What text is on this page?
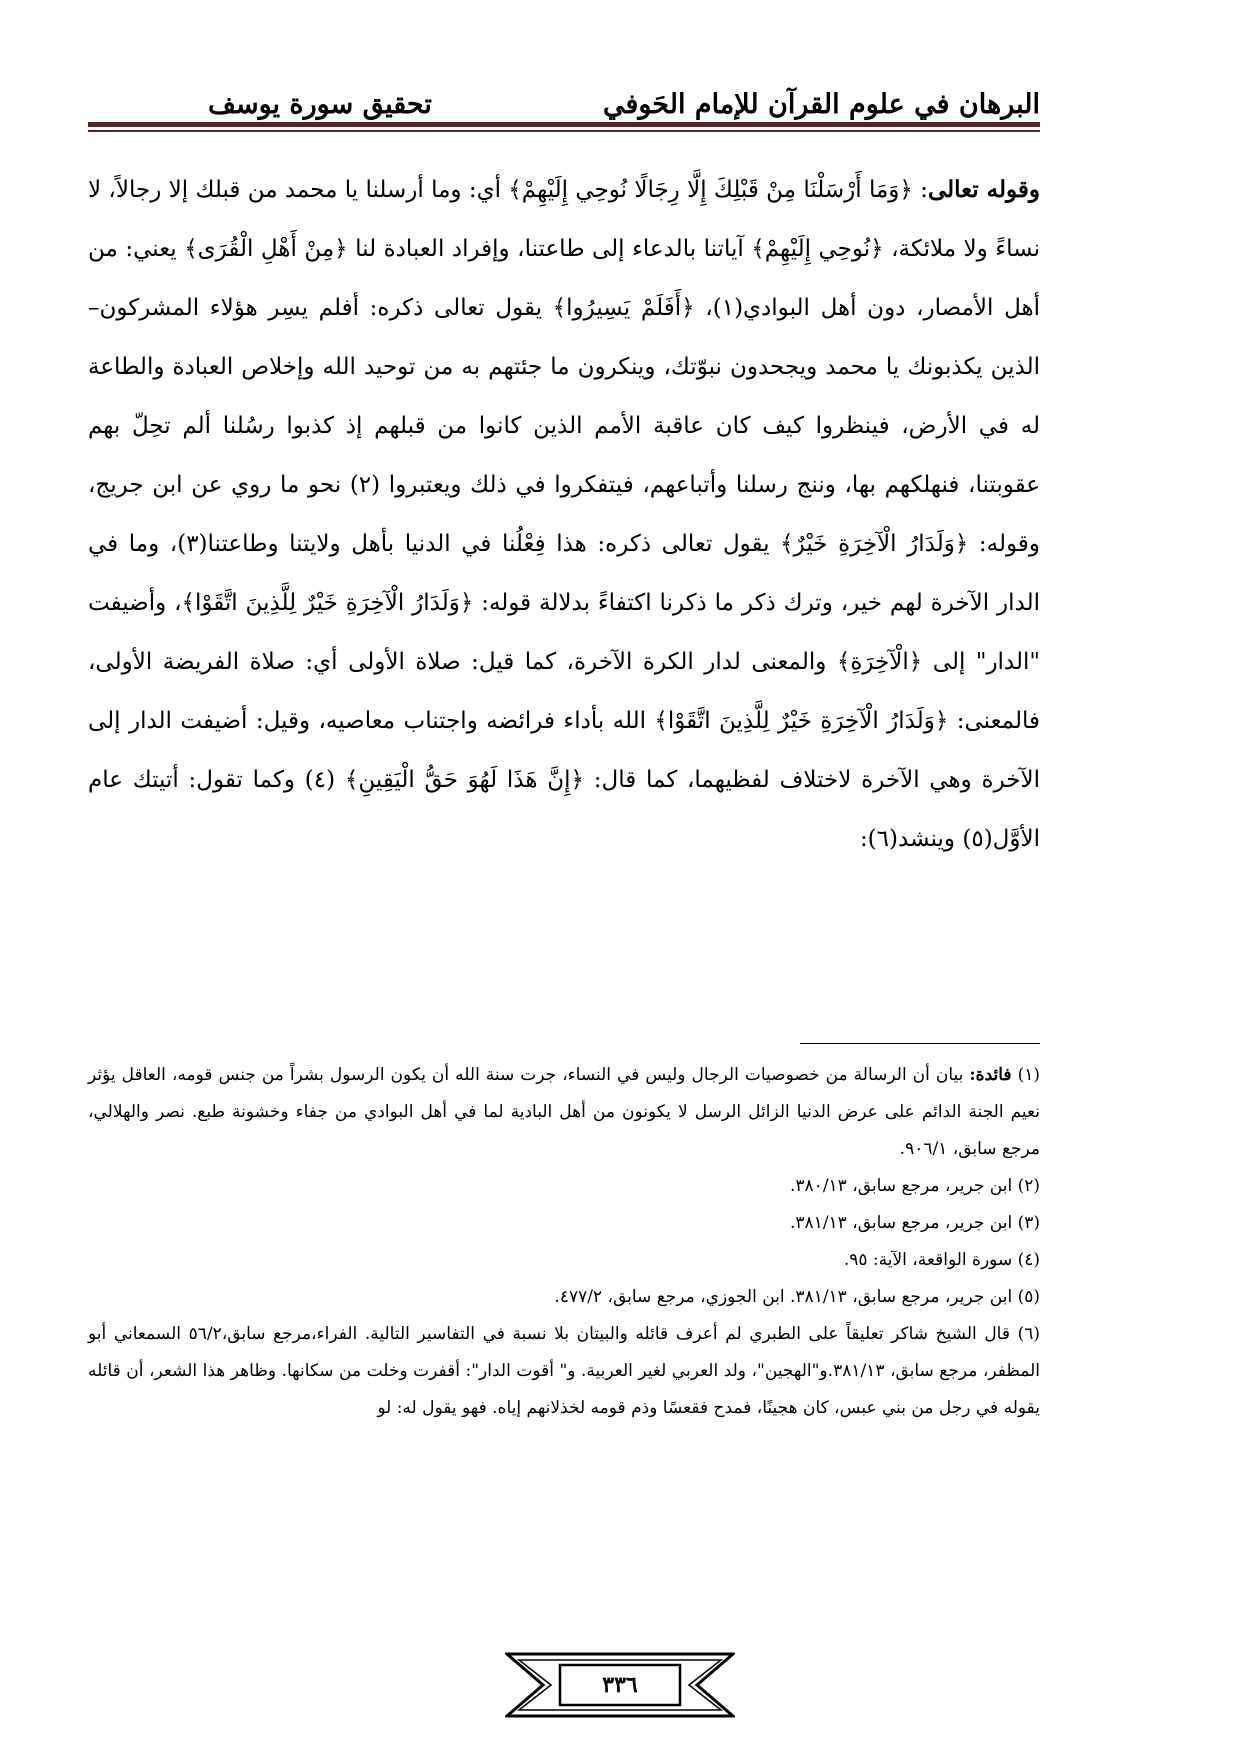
البرهان في علوم القرآن للإمام الحَوفي
تحقيق سورة يوسف

وقوله تعالى: ﴿وَمَا أَرْسَلْنَا مِنْ قَبْلِكَ إِلَّا رِجَالًا نُوحِي إِلَيْهِمْ﴾ أي: وما أرسلنا يا محمد من قبلك إلا رجالاً، لا نساءً ولا ملائكة، ﴿نُوحِي إِلَيْهِمْ﴾ آياتنا بالدعاء إلى طاعتنا، وإفراد العبادة لنا ﴿مِنْ أَهْلِ الْقُرَى﴾ يعني: من أهل الأمصار، دون أهل البوادي(١)، ﴿أَفَلَمْ يَسِيرُوا﴾ يقول تعالى ذكره: أفلم يسِر هؤلاء المشركون–الذين يكذبونك يا محمد ويجحدون نبوّتك، وينكرون ما جئتهم به من توحيد الله وإخلاص العبادة والطاعة له في الأرض، فينظروا كيف كان عاقبة الأمم الذين كانوا من قبلهم إذ كذبوا رسُلنا ألم تحِلّ بهم عقوبتنا، فنهلكهم بها، وننج رسلنا وأتباعهم، فيتفكروا في ذلك ويعتبروا (٢) نحو ما روي عن ابن جريج، وقوله: ﴿وَلَدَارُ الْآخِرَةِ خَيْرٌ﴾ يقول تعالى ذكره: هذا فِعْلُنا في الدنيا بأهل ولايتنا وطاعتنا(٣)، وما في الدار الآخرة لهم خير، وترك ذكر ما ذكرنا اكتفاءً بدلالة قوله: ﴿وَلَدَارُ الْآخِرَةِ خَيْرٌ لِلَّذِينَ اتَّقَوْا﴾، وأضيفت "الدار" إلى ﴿الْآخِرَةِ﴾ والمعنى لدار الكرة الآخرة، كما قيل: صلاة الأولى أي: صلاة الفريضة الأولى، فالمعنى: ﴿وَلَدَارُ الْآخِرَةِ خَيْرٌ لِلَّذِينَ اتَّقَوْا﴾ الله بأداء فرائضه واجتناب معاصيه، وقيل: أضيفت الدار إلى الآخرة وهي الآخرة لاختلاف لفظيهما، كما قال: ﴿إِنَّ هَذَا لَهُوَ حَقُّ الْيَقِينِ﴾ (٤) وكما تقول: أتيتك عام الأوَّل(٥) وينشد(٦):

(١) فائدة: بيان أن الرسالة من خصوصيات الرجال وليس في النساء، جرت سنة الله أن يكون الرسول بشراً من جنس قومه، العاقل يؤثر نعيم الجنة الدائم على عرض الدنيا الزائل الرسل لا يكونون من أهل البادية لما في أهل البوادي من جفاء وخشونة طبع. نصر والهلالي، مرجع سابق، ٩٠٦/١.

(٢) ابن جرير، مرجع سابق، ٣٨٠/١٣.

(٣) ابن جرير، مرجع سابق، ٣٨١/١٣.

(٤) سورة الواقعة، الآية: ٩٥.

(٥) ابن جرير، مرجع سابق، ٣٨١/١٣. ابن الجوزي، مرجع سابق، ٤٧٧/٢.

(٦) قال الشيخ شاكر تعليقاً على الطبري لم أعرف قائله والبيتان بلا نسبة في التفاسير التالية. الفراء،مرجع سابق،٥٦/٢ السمعاني أبو المظفر، مرجع سابق، ٣٨١/١٣.و"الهجين"، ولد العربي لغير العربية. و" أقوت الدار": أقفرت وخلت من سكانها. وظاهر هذا الشعر، أن قائله يقوله في رجل من بني عبس، كان هجينًا، فمدح فقعسًا وذم قومه لخذلانهم إياه. فهو يقول له: لو

٣٣٦
